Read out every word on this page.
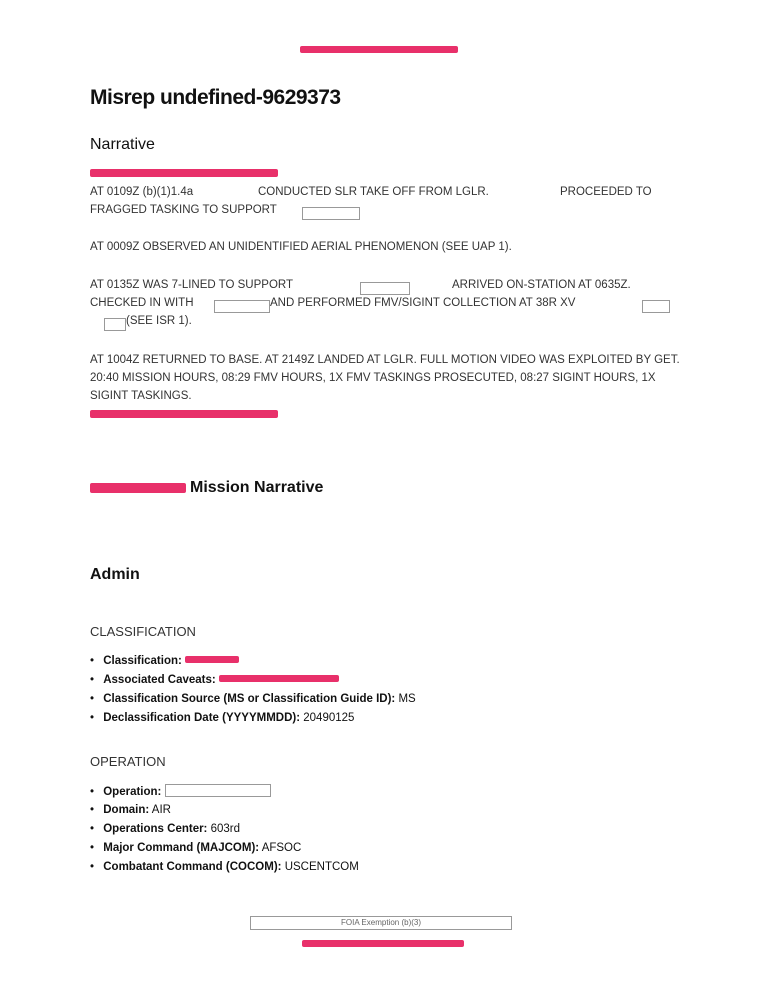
Misrep undefined-9629373
Narrative
AT 0109Z (b)(1)1.4a	CONDUCTED SLR TAKE OFF FROM LGLR.	PROCEEDED TO
FRAGGED TASKING TO SUPPORT
AT 0009Z OBSERVED AN UNIDENTIFIED AERIAL PHENOMENON (SEE UAP 1).
AT 0135Z WAS 7-LINED TO SUPPORT	ARRIVED ON-STATION AT 0635Z.
CHECKED IN WITH	AND PERFORMED FMV/SIGINT COLLECTION AT 38R XV
(SEE ISR 1).
AT 1004Z RETURNED TO BASE. AT 2149Z LANDED AT LGLR. FULL MOTION VIDEO WAS EXPLOITED BY GET. 20:40 MISSION HOURS, 08:29 FMV HOURS, 1X FMV TASKINGS PROSECUTED, 08:27 SIGINT HOURS, 1X SIGINT TASKINGS.
Mission Narrative
Admin
CLASSIFICATION
• Classification:
• Associated Caveats:
• Classification Source (MS or Classification Guide ID): MS
• Declassification Date (YYYYMMDD): 20490125
OPERATION
• Operation:
• Domain: AIR
• Operations Center: 603rd
• Major Command (MAJCOM): AFSOC
• Combatant Command (COCOM): USCENTCOM
FOIA Exemption (b)(3)
